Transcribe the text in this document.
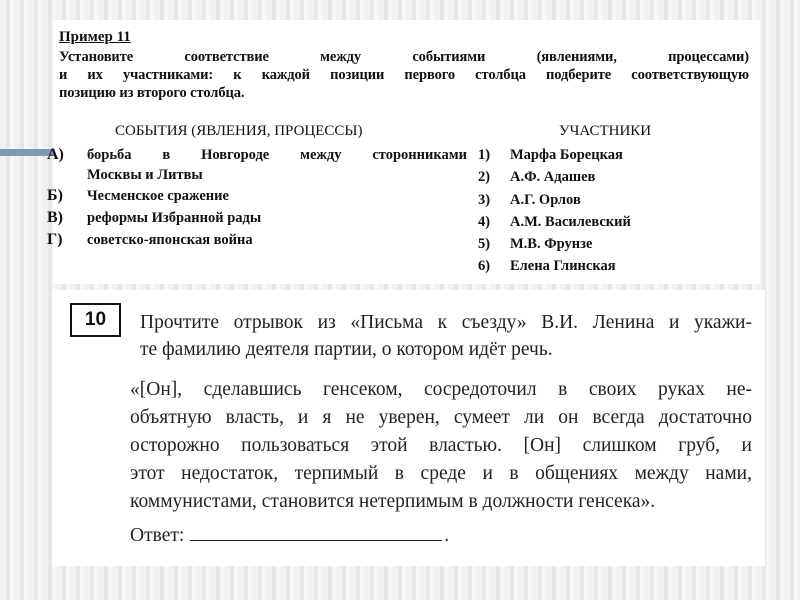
Пример 11
Установите соответствие между событиями (явлениями, процессами)
и их участниками: к каждой позиции первого столбца подберите соответствующую
позицию из второго столбца.
СОБЫТИЯ (ЯВЛЕНИЯ, ПРОЦЕССЫ)	УЧАСТНИКИ
А)	борьба в Новгороде между сторонниками
Москвы и Литвы
Б)	Чесменское сражение
В)	реформы Избранной рады
Г)	советско-японская война
1)	Марфа Борецкая
2)	А.Ф. Адашев
3)	А.Г. Орлов
4)	А.М. Василевский
5)	М.В. Фрунзе
6)	Елена Глинская
10	Прочтите отрывок из «Письма к съезду» В.И. Ленина и укажи-
те фамилию деятеля партии, о котором идёт речь.
«[Он], сделавшись генсеком, сосредоточил в своих руках не-
объятную власть, и я не уверен, сумеет ли он всегда достаточно
осторожно пользоваться этой властью. [Он] слишком груб, и
этот недостаток, терпимый в среде и в общениях между нами,
коммунистами, становится нетерпимым в должности генсека».
Ответ:	.
